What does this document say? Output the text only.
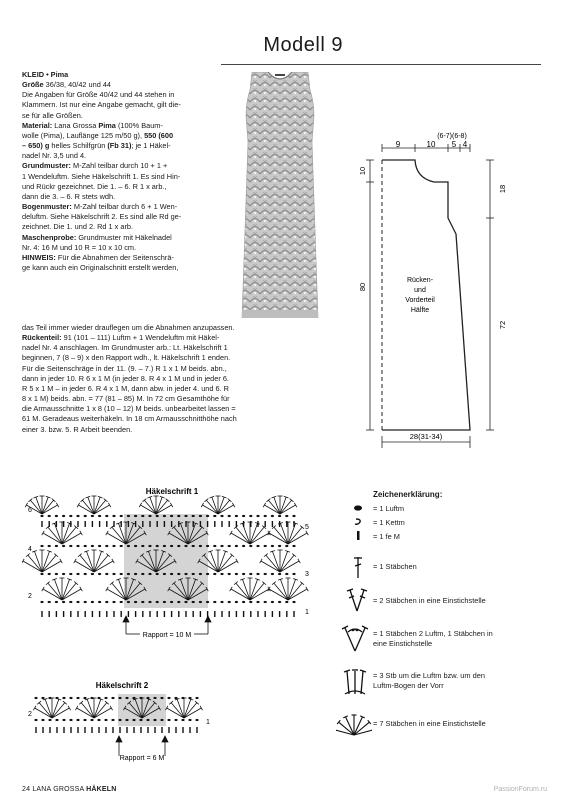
Modell 9

KLEID • Pima

Größe 36/38, 40/42 und 44

Die Angaben für Größe 40/42 und 44 stehen in

Klammern. Ist nur eine Angabe gemacht, gilt die-

se für alle Größen.

Material: Lana Grossa Pima (100% Baum-

wolle (Pima), Lauflänge 125 m/50 g), 550 (600

– 650) g helles Schilfgrün (Fb 31); je 1 Häkel-

nadel Nr. 3,5 und 4.

Grundmuster: M-Zahl teilbar durch 10 + 1 +

1 Wendeluftm. Siehe Häkelschrift 1. Es sind Hin-

und Rückr gezeichnet. Die 1. – 6. R 1 x arb.,

dann die 3. – 6. R stets wdh.

Bogenmuster: M-Zahl teilbar durch 6 + 1 Wen-

deluftm. Siehe Häkelschrift 2. Es sind alle Rd ge-

zeichnet. Die 1. und 2. Rd 1 x arb.

Maschenprobe: Grundmuster mit Häkelnadel

Nr. 4: 16 M und 10 R = 10 x 10 cm.

HINWEIS: Für die Abnahmen der Seitenschrä-

ge kann auch ein Originalschnitt erstellt werden,

das Teil immer wieder drauflegen um die Abnahmen anzupassen.

Rückenteil: 91 (101 – 111) Luftm + 1 Wendeluftm mit Häkel-

nadel Nr. 4 anschlagen. Im Grundmuster arb.: Lt. Häkelschrift 1

beginnen, 7 (8 – 9) x den Rapport wdh., lt. Häkelschrift 1 enden.

Für die Seitenschräge in der 11. (9. – 7.) R 1 x 1 M beids. abn.,

dann in jeder 10. R 6 x 1 M (in jeder 8. R 4 x 1 M und in jeder 6.

R 5 x 1 M – in jeder 6. R 4 x 1 M, dann abw. in jeder 4. und 6. R

8 x 1 M) beids. abn. = 77 (81 – 85) M. In 72 cm Gesamthöhe für

die Armausschnitte 1 x 8 (10 – 12) M beids. unbearbeitet lassen =

61 M. Geradeaus weiterhäkeln. In 18 cm Armausschnitthöhe nach

einer 3. bzw. 5. R Arbeit beenden.

(6-7)(6-8)
9	10 5 4
10
18
80
72
Rücken-
und
Vorderteil
Hälfte
28(31-34)
Häkelschrift 1
6
4
2
5
3
1
Rapport = 10 M
Häkelschrift 2
2
1
Rapport = 6 M
Zeichenerklärung:
= 1 Luftm
= 1 Kettm
= 1 fe M
= 1 Stäbchen
= 2 Stäbchen in eine Einstichstelle
= 1 Stäbchen 2 Luftm, 1 Stäbchen in
eine Einstichstelle
= 3 Stb um die Luftm bzw. um den
Luftm-Bogen der Vorr
= 7 Stäbchen in eine Einstichstelle
24 LANA GROSSA HÄKELN	PassionForum.ru
